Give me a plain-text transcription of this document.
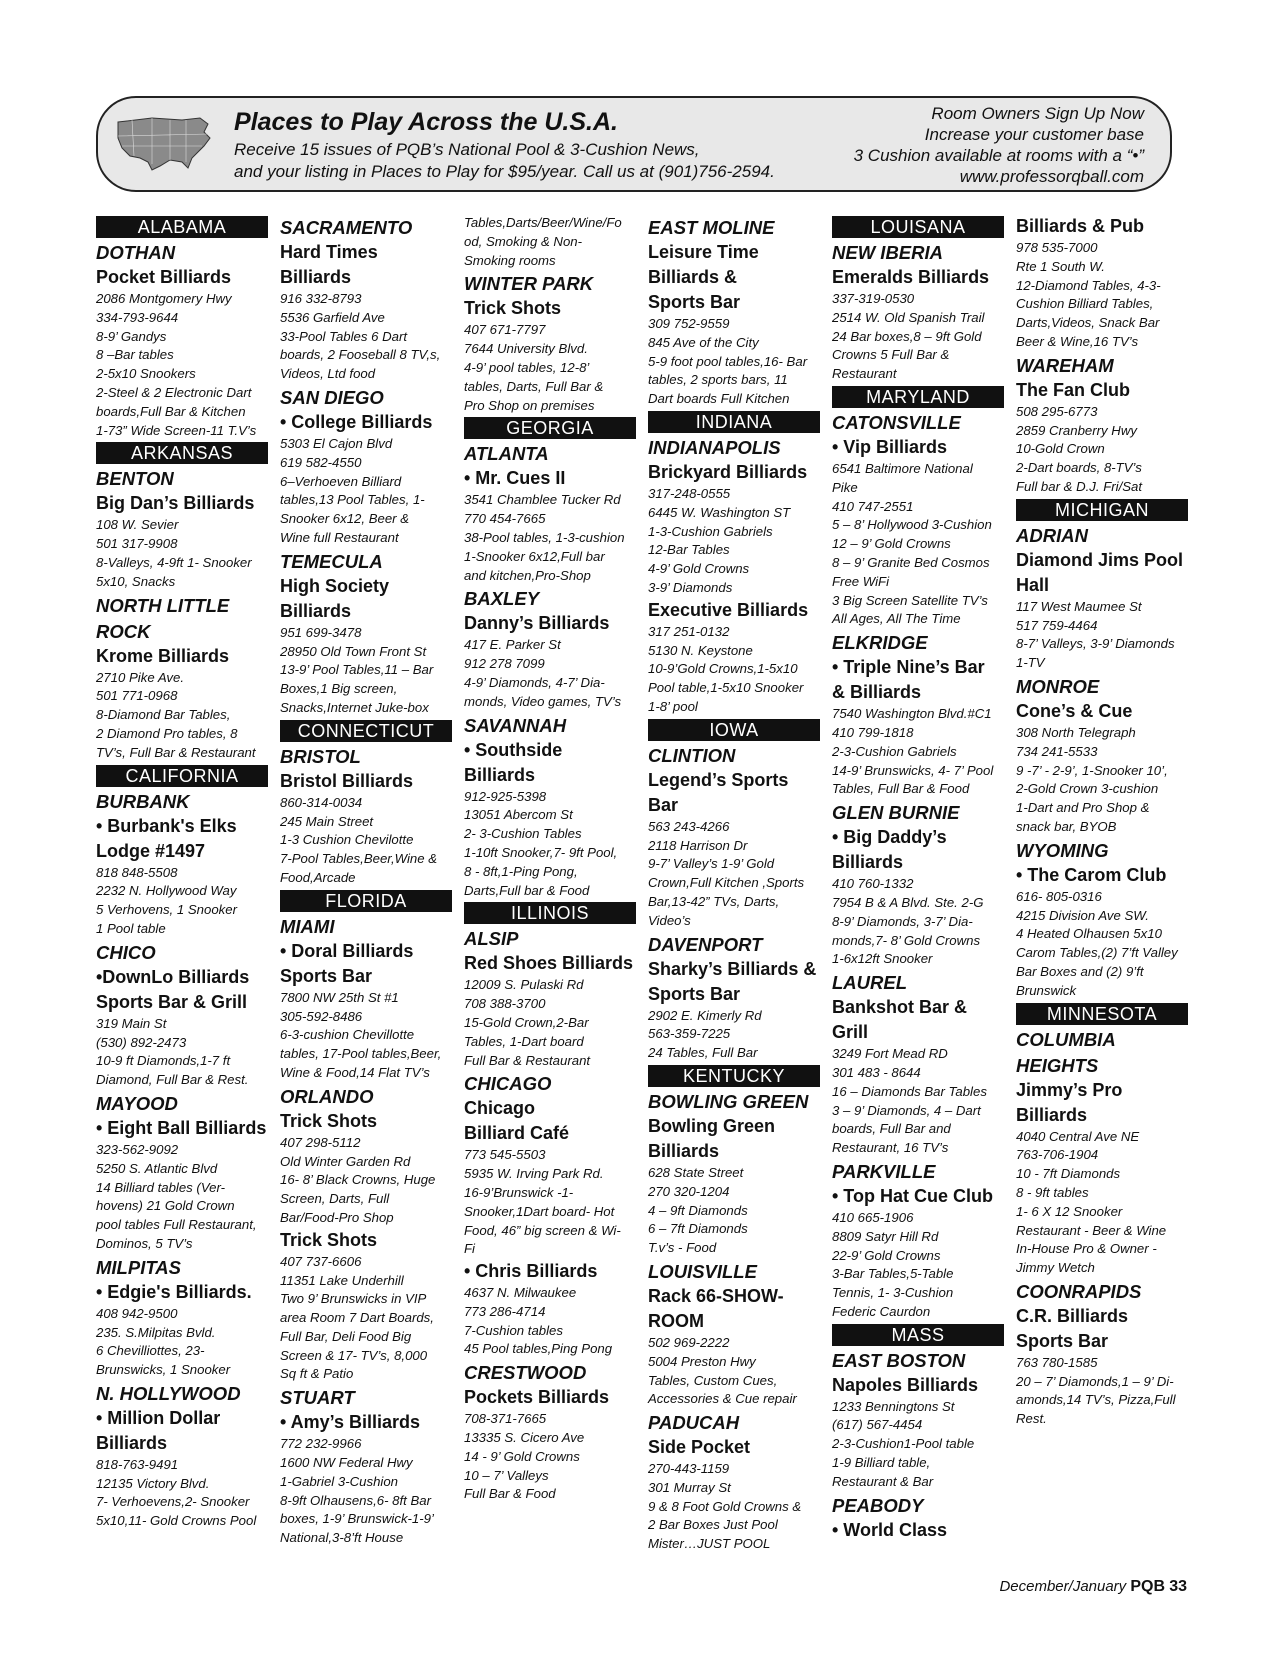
Places to Play Across the U.S.A.
Receive 15 issues of PQB’s National Pool & 3-Cushion News,
and your listing in Places to Play for $95/year. Call us at (901)756-2594.
Room Owners Sign Up Now
Increase your customer base
3 Cushion available at rooms with a “•”
www.professorqball.com
ALABAMA
DOTHAN
Pocket Billiards
2086 Montgomery Hwy
334-793-9644
8-9’ Gandys
8 –Bar tables
2-5x10 Snookers
2-Steel & 2 Electronic Dart
boards,Full Bar & Kitchen
1-73” Wide Screen-11 T.V’s
ARKANSAS
BENTON
Big Dan’s Billiards
108 W. Sevier
501 317-9908
8-Valleys, 4-9ft 1- Snooker
5x10, Snacks
NORTH LITTLE
ROCK
Krome Billiards
2710 Pike Ave.
501 771-0968
8-Diamond Bar Tables,
2 Diamond Pro tables, 8
TV’s, Full Bar & Restaurant
CALIFORNIA
BURBANK
• Burbank's Elks
Lodge #1497
818 848-5508
2232 N. Hollywood Way
5 Verhovens, 1 Snooker
1 Pool table
CHICO
•DownLo Billiards
Sports Bar & Grill
319 Main St
(530) 892-2473
10-9 ft Diamonds,1-7 ft
Diamond, Full Bar & Rest.
MAYOOD
• Eight Ball Billiards
323-562-9092
5250 S. Atlantic Blvd
14 Billiard tables (Ver-
hovens) 21 Gold Crown
pool tables Full Restaurant,
Dominos, 5 TV’s
MILPITAS
• Edgie's Billiards.
408 942-9500
235. S.Milpitas Bvld.
6 Chevilliottes, 23-
Brunswicks, 1 Snooker
N. HOLLYWOOD
• Million Dollar
Billiards
818-763-9491
12135 Victory Blvd.
7- Verhoevens,2- Snooker
5x10,11- Gold Crowns Pool
SACRAMENTO
Hard Times
Billiards
916 332-8793
5536 Garfield Ave
33-Pool Tables 6 Dart
boards, 2 Fooseball 8 TV,s,
Videos, Ltd food
SAN DIEGO
• College Billiards
5303 El Cajon Blvd
619 582-4550
6–Verhoeven Billiard
tables,13 Pool Tables, 1-
Snooker 6x12, Beer &
Wine full Restaurant
TEMECULA
High Society
Billiards
951 699-3478
28950 Old Town Front St
13-9’ Pool Tables,11 – Bar
Boxes,1 Big screen,
Snacks,Internet Juke-box
CONNECTICUT
BRISTOL
Bristol Billiards
860-314-0034
245 Main Street
1-3 Cushion Chevilotte
7-Pool Tables,Beer,Wine &
Food,Arcade
FLORIDA
MIAMI
• Doral Billiards
Sports Bar
7800 NW 25th St #1
305-592-8486
6-3-cushion Chevillotte
tables, 17-Pool tables,Beer,
Wine & Food,14 Flat TV’s
ORLANDO
Trick Shots
407 298-5112
Old Winter Garden Rd
16- 8’ Black Crowns, Huge
Screen, Darts, Full
Bar/Food-Pro Shop
Trick Shots
407 737-6606
11351 Lake Underhill
Two 9’ Brunswicks in VIP
area Room 7 Dart Boards,
Full Bar, Deli Food Big
Screen & 17- TV’s, 8,000
Sq ft & Patio
STUART
• Amy’s Billiards
772 232-9966
1600 NW Federal Hwy
1-Gabriel 3-Cushion
8-9ft Olhausens,6- 8ft Bar
boxes, 1-9’ Brunswick-1-9’
National,3-8’ft House
Tables,Darts/Beer/Wine/Fo
od, Smoking & Non-
Smoking rooms
WINTER PARK
Trick Shots
407 671-7797
7644 University Blvd.
4-9’ pool tables, 12-8’
tables, Darts, Full Bar &
Pro Shop on premises
GEORGIA
ATLANTA
• Mr. Cues II
3541 Chamblee Tucker Rd
770 454-7665
38-Pool tables, 1-3-cushion
1-Snooker 6x12,Full bar
and kitchen,Pro-Shop
BAXLEY
Danny’s Billiards
417 E. Parker St
912 278 7099
4-9’ Diamonds, 4-7’ Dia-
monds, Video games, TV’s
SAVANNAH
• Southside Billiards
912-925-5398
13051 Abercom St
2- 3-Cushion Tables
1-10ft Snooker,7- 9ft Pool,
8 - 8ft,1-Ping Pong,
Darts,Full bar & Food
ILLINOIS
ALSIP
Red Shoes Billiards
12009 S. Pulaski Rd
708 388-3700
15-Gold Crown,2-Bar
Tables, 1-Dart board
Full Bar & Restaurant
CHICAGO
Chicago
Billiard Café
773 545-5503
5935 W. Irving Park Rd.
16-9’Brunswick -1-
Snooker,1Dart board- Hot
Food, 46” big screen & Wi-
Fi
• Chris Billiards
4637 N. Milwaukee
773 286-4714
7-Cushion tables
45 Pool tables,Ping Pong
CRESTWOOD
Pockets Billiards
708-371-7665
13335 S. Cicero Ave
14 - 9’ Gold Crowns
10 – 7’ Valleys
Full Bar & Food
EAST MOLINE
Leisure Time
Billiards &
Sports Bar
309 752-9559
845 Ave of the City
5-9 foot pool tables,16- Bar
tables, 2 sports bars, 11
Dart boards Full Kitchen
INDIANA
INDIANAPOLIS
Brickyard Billiards
317-248-0555
6445 W. Washington ST
1-3-Cushion Gabriels
12-Bar Tables
4-9’ Gold Crowns
3-9’ Diamonds
Executive Billiards
317 251-0132
5130 N. Keystone
10-9’Gold Crowns,1-5x10
Pool table,1-5x10 Snooker
1-8’ pool
IOWA
CLINTION
Legend’s Sports Bar
563 243-4266
2118 Harrison Dr
9-7’ Valley’s 1-9’ Gold
Crown,Full Kitchen ,Sports
Bar,13-42” TVs, Darts,
Video’s
DAVENPORT
Sharky’s Billiards &
Sports Bar
2902 E. Kimerly Rd
563-359-7225
24 Tables, Full Bar
KENTUCKY
BOWLING GREEN
Bowling Green
Billiards
628 State Street
270 320-1204
4 – 9ft Diamonds
6 – 7ft Diamonds
T.v’s - Food
LOUISVILLE
Rack 66-SHOW-
ROOM
502 969-2222
5004 Preston Hwy
Tables, Custom Cues,
Accessories & Cue repair
PADUCAH
Side Pocket
270-443-1159
301 Murray St
9 & 8 Foot Gold Crowns &
2 Bar Boxes Just Pool
Mister…JUST POOL
LOUISANA
NEW IBERIA
Emeralds Billiards
337-319-0530
2514 W. Old Spanish Trail
24 Bar boxes,8 – 9ft Gold
Crowns 5 Full Bar &
Restaurant
MARYLAND
CATONSVILLE
• Vip Billiards
6541 Baltimore National
Pike
410 747-2551
5 – 8’ Hollywood 3-Cushion
12 – 9’ Gold Crowns
8 – 9’ Granite Bed Cosmos
Free WiFi
3 Big Screen Satellite TV’s
All Ages, All The Time
ELKRIDGE
• Triple Nine’s Bar
& Billiards
7540 Washington Blvd.#C1
410 799-1818
2-3-Cushion Gabriels
14-9’ Brunswicks, 4- 7’ Pool
Tables, Full Bar & Food
GLEN BURNIE
• Big Daddy’s
Billiards
410 760-1332
7954 B & A Blvd. Ste. 2-G
8-9’ Diamonds, 3-7’ Dia-
monds,7- 8’ Gold Crowns
1-6x12ft Snooker
LAUREL
Bankshot Bar & Grill
3249 Fort Mead RD
301 483 - 8644
16 – Diamonds Bar Tables
3 – 9’ Diamonds, 4 – Dart
boards, Full Bar and
Restaurant, 16 TV’s
PARKVILLE
• Top Hat Cue Club
410 665-1906
8809 Satyr Hill Rd
22-9’ Gold Crowns
3-Bar Tables,5-Table
Tennis, 1- 3-Cushion
Federic Caurdon
MASS
EAST BOSTON
Napoles Billiards
1233 Benningtons St
(617) 567-4454
2-3-Cushion1-Pool table
1-9 Billiard table,
Restaurant & Bar
PEABODY
• World Class
Billiards & Pub
978 535-7000
Rte 1 South W.
12-Diamond Tables, 4-3-
Cushion Billiard Tables,
Darts,Videos, Snack Bar
Beer & Wine,16 TV’s
WAREHAM
The Fan Club
508 295-6773
2859 Cranberry Hwy
10-Gold Crown
2-Dart boards, 8-TV’s
Full bar & D.J. Fri/Sat
MICHIGAN
ADRIAN
Diamond Jims Pool
Hall
117 West Maumee St
517 759-4464
8-7’ Valleys, 3-9’ Diamonds
1-TV
MONROE
Cone’s & Cue
308 North Telegraph
734 241-5533
9 -7’ - 2-9’, 1-Snooker 10’,
2-Gold Crown 3-cushion
1-Dart and Pro Shop &
snack bar, BYOB
WYOMING
• The Carom Club
616- 805-0316
4215 Division Ave SW.
4 Heated Olhausen 5x10
Carom Tables,(2) 7’ft Valley
Bar Boxes and (2) 9’ft
Brunswick
MINNESOTA
COLUMBIA
HEIGHTS
Jimmy’s Pro
Billiards
4040 Central Ave NE
763-706-1904
10 - 7ft Diamonds
8 - 9ft tables
1- 6 X 12 Snooker
Restaurant - Beer & Wine
In-House Pro & Owner -
Jimmy Wetch
COONRAPIDS
C.R. Billiards
Sports Bar
763 780-1585
20 – 7’ Diamonds,1 – 9’ Di-
amonds,14 TV’s, Pizza,Full
Rest.
December/January PQB 33
